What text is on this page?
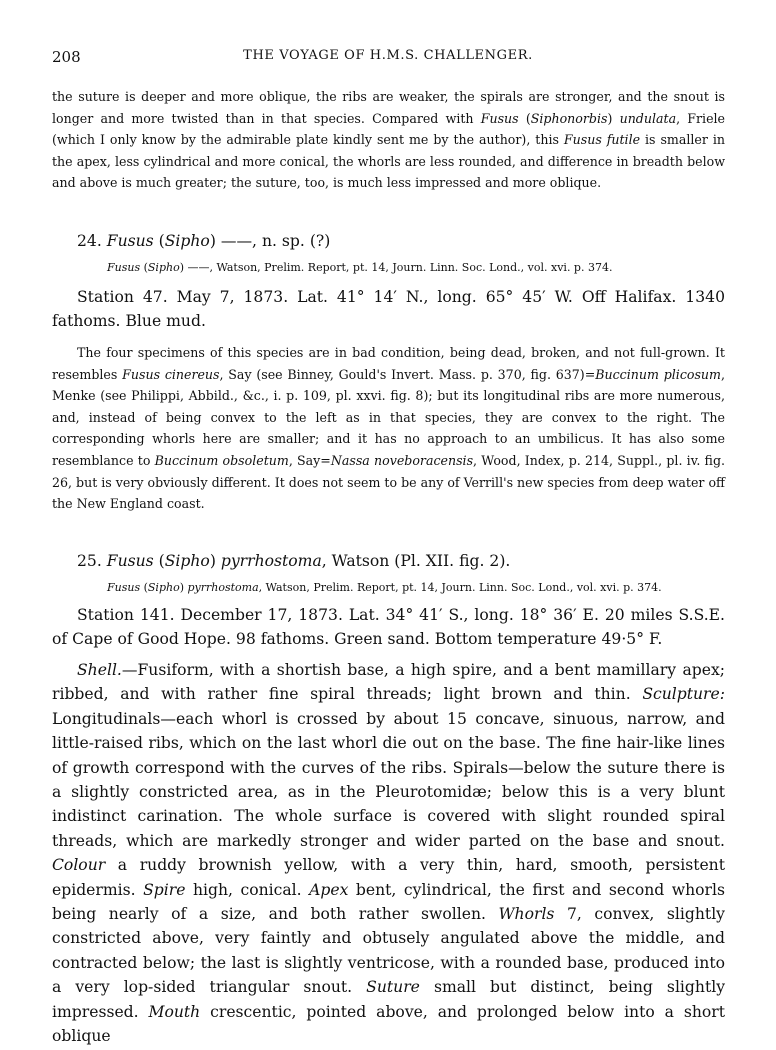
208	THE VOYAGE OF H.M.S. CHALLENGER.

the suture is deeper and more oblique, the ribs are weaker, the spirals are stronger, and the snout is longer and more twisted than in that species. Compared with Fusus (Siphonorbis) undulata, Friele (which I only know by the admirable plate kindly sent me by the author), this Fusus futile is smaller in the apex, less cylindrical and more conical, the whorls are less rounded, and difference in breadth below and above is much greater; the suture, too, is much less impressed and more oblique.

24. Fusus (Sipho) ——, n. sp. (?)
Fusus (Sipho) ——, Watson, Prelim. Report, pt. 14, Journ. Linn. Soc. Lond., vol. xvi. p. 374.

Station 47. May 7, 1873. Lat. 41° 14′ N., long. 65° 45′ W. Off Halifax. 1340 fathoms. Blue mud.

The four specimens of this species are in bad condition, being dead, broken, and not full-grown. It resembles Fusus cinereus, Say (see Binney, Gould's Invert. Mass. p. 370, fig. 637)=Buccinum plicosum, Menke (see Philippi, Abbild., &c., i. p. 109, pl. xxvi. fig. 8); but its longitudinal ribs are more numerous, and, instead of being convex to the left as in that species, they are convex to the right. The corresponding whorls here are smaller; and it has no approach to an umbilicus. It has also some resemblance to Buccinum obsoletum, Say=Nassa noveboracensis, Wood, Index, p. 214, Suppl., pl. iv. fig. 26, but is very obviously different. It does not seem to be any of Verrill's new species from deep water off the New England coast.

25. Fusus (Sipho) pyrrhostoma, Watson (Pl. XII. fig. 2).
Fusus (Sipho) pyrrhostoma, Watson, Prelim. Report, pt. 14, Journ. Linn. Soc. Lond., vol. xvi. p. 374.

Station 141. December 17, 1873. Lat. 34° 41′ S., long. 18° 36′ E. 20 miles S.S.E. of Cape of Good Hope. 98 fathoms. Green sand. Bottom temperature 49·5° F.

Shell.—Fusiform, with a shortish base, a high spire, and a bent mamillary apex; ribbed, and with rather fine spiral threads; light brown and thin. Sculpture: Longitudinals—each whorl is crossed by about 15 concave, sinuous, narrow, and little-raised ribs, which on the last whorl die out on the base. The fine hair-like lines of growth correspond with the curves of the ribs. Spirals—below the suture there is a slightly constricted area, as in the Pleurotomidæ; below this is a very blunt indistinct carination. The whole surface is covered with slight rounded spiral threads, which are markedly stronger and wider parted on the base and snout. Colour a ruddy brownish yellow, with a very thin, hard, smooth, persistent epidermis. Spire high, conical. Apex bent, cylindrical, the first and second whorls being nearly of a size, and both rather swollen. Whorls 7, convex, slightly constricted above, very faintly and obtusely angulated above the middle, and contracted below; the last is slightly ventricose, with a rounded base, produced into a very lop-sided triangular snout. Suture small but distinct, being slightly impressed. Mouth crescentic, pointed above, and prolonged below into a short oblique
